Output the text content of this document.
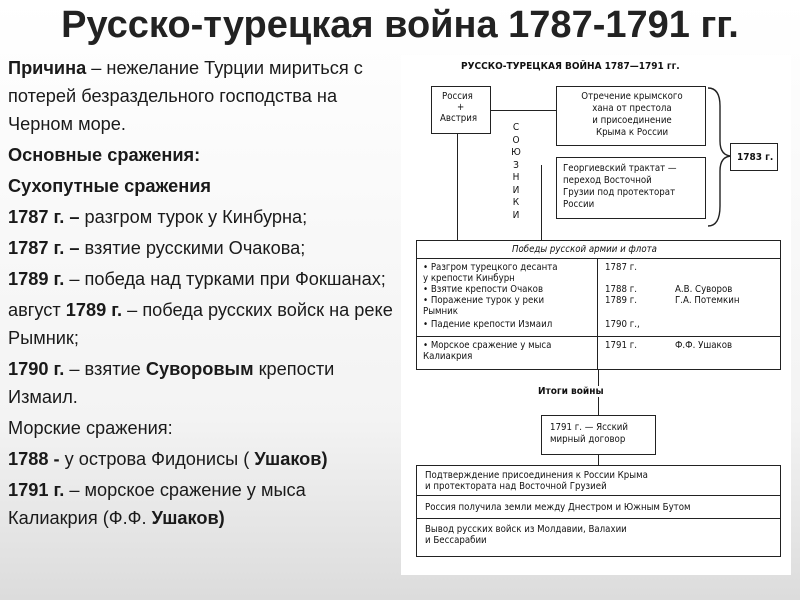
Русско-турецкая война 1787-1791 гг.

Причина – нежелание Турции мириться с потерей безраздельного господства на Черном море.

Основные сражения:

Сухопутные сражения

1787 г. – разгром турок у Кинбурна;

1787 г. – взятие русскими Очакова;

1789 г. – победа над турками при Фокшанах;

август 1789 г. – победа русских войск на реке Рымник;

1790 г. – взятие Суворовым крепости Измаил.

Морские сражения:

1788 - у острова Фидонисы ( Ушаков)

1791 г. – морское сражение у мыса Калиакрия (Ф.Ф. Ушаков)

РУССКО-ТУРЕЦКАЯ ВОЙНА 1787—1791 гг.
Россия
+
Австрия
С
О
Ю
З
Н
И
К
И
Отречение крымского
хана от престола
и присоединение
Крыма к России
1783 г.
Георгиевский трактат —
переход Восточной
Грузии под протекторат
России
Победы русской армии и флота
• Разгром турецкого десанта
у крепости Кинбурн
• Взятие крепости Очаков
• Поражение турок у реки
Рымник
• Падение крепости Измаил
1787 г.
1788 г.
1789 г.
1790 г.,
А.В. Суворов
Г.А. Потемкин
• Морское сражение у мыса
Калиакрия
1791 г.	Ф.Ф. Ушаков
Итоги войны
1791 г. — Ясский
мирный договор
Подтверждение присоединения к России Крыма
и протектората над Восточной Грузией
Россия получила земли между Днестром и Южным Бутом
Вывод русских войск из Молдавии, Валахии
и Бессарабии
